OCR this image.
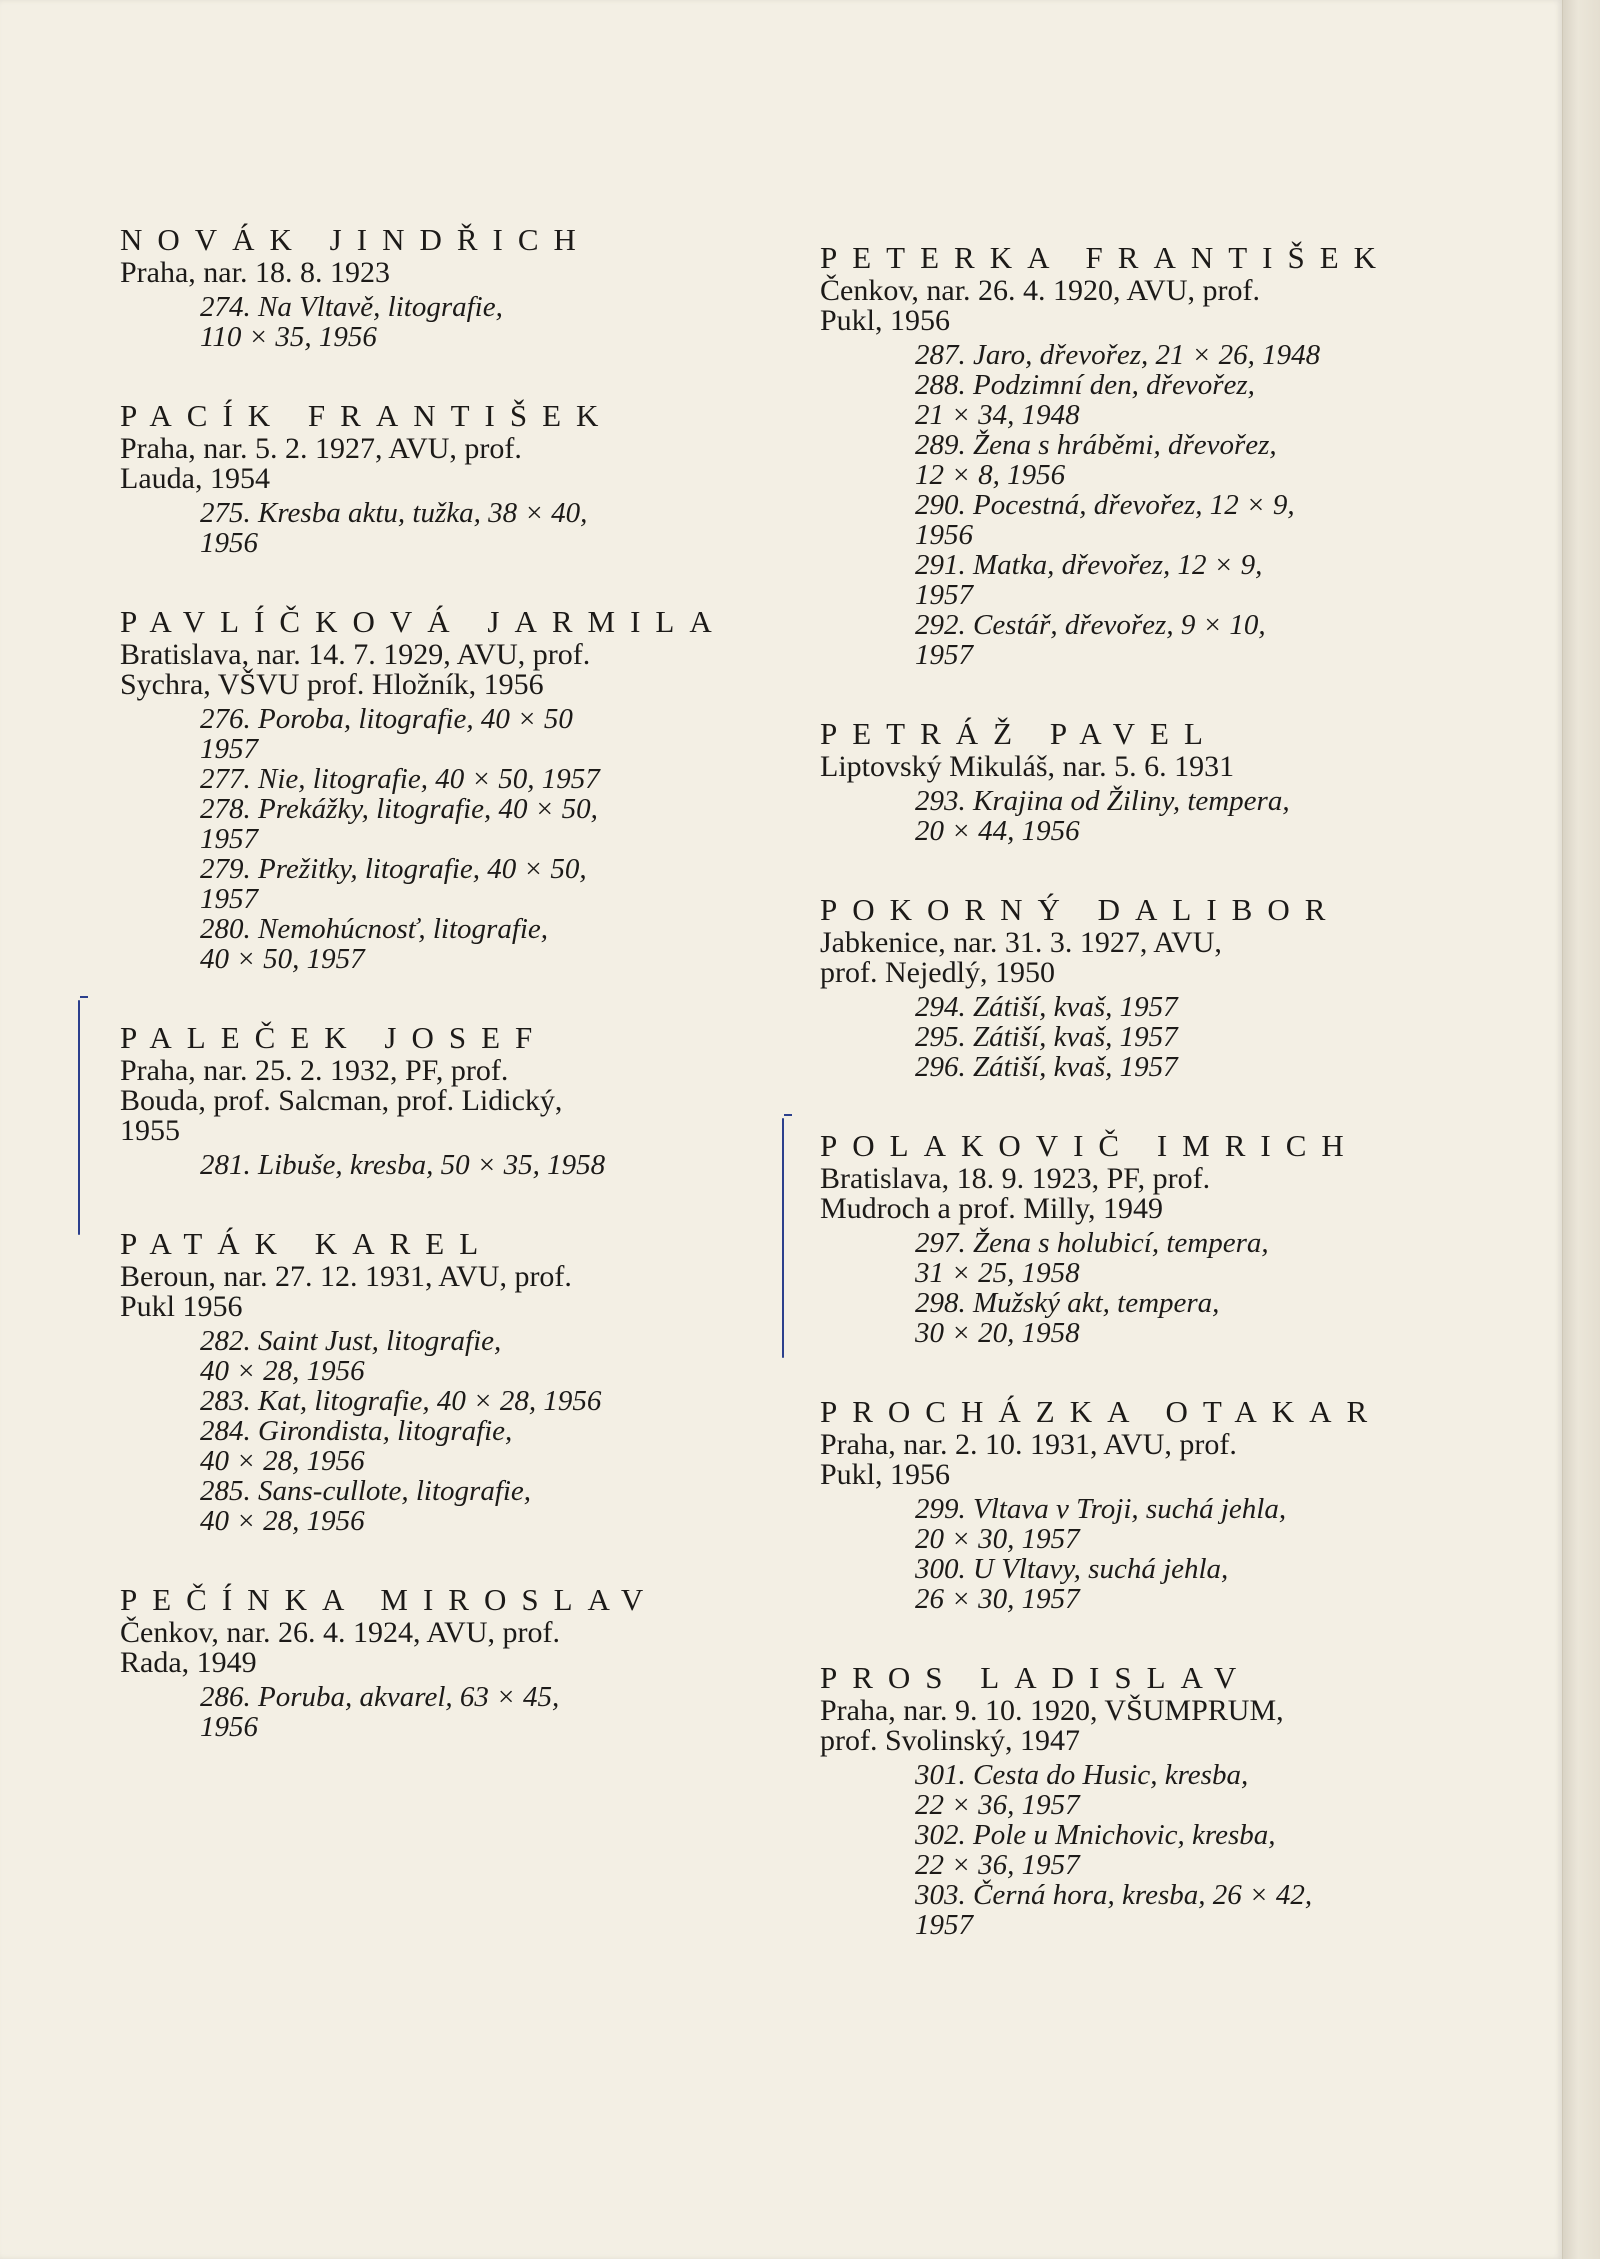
NOVÁK JINDŘICH

Praha, nar. 18. 8. 1923

274. Na Vltavě, litografie,
110 × 35, 1956

PACÍK FRANTIŠEK

Praha, nar. 5. 2. 1927, AVU, prof.
Lauda, 1954

275. Kresba aktu, tužka, 38 × 40,
1956

PAVLÍČKOVÁ JARMILA

Bratislava, nar. 14. 7. 1929, AVU, prof.
Sychra, VŠVU prof. Hložník, 1956

276. Poroba, litografie, 40 × 50
1957

277. Nie, litografie, 40 × 50, 1957

278. Prekážky, litografie, 40 × 50,
1957

279. Prežitky, litografie, 40 × 50,
1957

280. Nemohúcnosť, litografie,
40 × 50, 1957

PALEČEK JOSEF

Praha, nar. 25. 2. 1932, PF, prof.
Bouda, prof. Salcman, prof. Lidický,
1955

281. Libuše, kresba, 50 × 35, 1958

PATÁK KAREL

Beroun, nar. 27. 12. 1931, AVU, prof.
Pukl 1956

282. Saint Just, litografie,
40 × 28, 1956

283. Kat, litografie, 40 × 28, 1956

284. Girondista, litografie,
40 × 28, 1956

285. Sans-cullote, litografie,
40 × 28, 1956

PEČÍNKA MIROSLAV

Čenkov, nar. 26. 4. 1924, AVU, prof.
Rada, 1949

286. Poruba, akvarel, 63 × 45,
1956

PETERKA FRANTIŠEK

Čenkov, nar. 26. 4. 1920, AVU, prof.
Pukl, 1956

287. Jaro, dřevořez, 21 × 26, 1948

288. Podzimní den, dřevořez,
21 × 34, 1948

289. Žena s hráběmi, dřevořez,
12 × 8, 1956

290. Pocestná, dřevořez, 12 × 9,
1956

291. Matka, dřevořez, 12 × 9,
1957

292. Cestář, dřevořez, 9 × 10,
1957

PETRÁŽ PAVEL

Liptovský Mikuláš, nar. 5. 6. 1931

293. Krajina od Žiliny, tempera,
20 × 44, 1956

POKORNÝ DALIBOR

Jabkenice, nar. 31. 3. 1927, AVU,
prof. Nejedlý, 1950

294. Zátiší, kvaš, 1957

295. Zátiší, kvaš, 1957

296. Zátiší, kvaš, 1957

POLAKOVIČ IMRICH

Bratislava, 18. 9. 1923, PF, prof.
Mudroch a prof. Milly, 1949

297. Žena s holubicí, tempera,
31 × 25, 1958

298. Mužský akt, tempera,
30 × 20, 1958

PROCHÁZKA OTAKAR

Praha, nar. 2. 10. 1931, AVU, prof.
Pukl, 1956

299. Vltava v Troji, suchá jehla,
20 × 30, 1957

300. U Vltavy, suchá jehla,
26 × 30, 1957

PROS LADISLAV

Praha, nar. 9. 10. 1920, VŠUMPRUM,
prof. Svolinský, 1947

301. Cesta do Husic, kresba,
22 × 36, 1957

302. Pole u Mnichovic, kresba,
22 × 36, 1957

303. Černá hora, kresba, 26 × 42,
1957
